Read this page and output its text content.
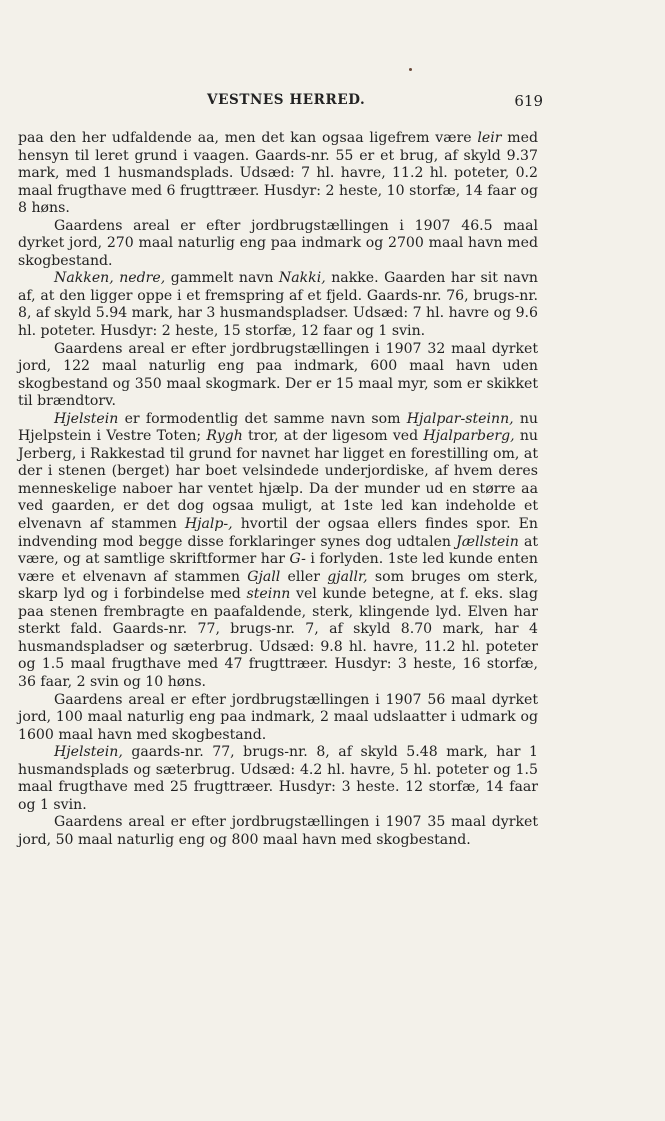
VESTNES HERRED.	619

paa den her udfaldende aa, men det kan ogsaa ligefrem være leir med hensyn til leret grund i vaagen. Gaards-nr. 55 er et brug, af skyld 9.37 mark, med 1 husmandsplads. Udsæd: 7 hl. havre, 11.2 hl. poteter, 0.2 maal frugthave med 6 frugttræer. Husdyr: 2 heste, 10 storfæ, 14 faar og 8 høns.

Gaardens areal er efter jordbrugstællingen i 1907 46.5 maal dyrket jord, 270 maal naturlig eng paa indmark og 2700 maal havn med skogbestand.

Nakken, nedre, gammelt navn Nakki, nakke. Gaarden har sit navn af, at den ligger oppe i et fremspring af et fjeld. Gaards-nr. 76, brugs-nr. 8, af skyld 5.94 mark, har 3 husmandspladser. Udsæd: 7 hl. havre og 9.6 hl. poteter. Husdyr: 2 heste, 15 storfæ, 12 faar og 1 svin.

Gaardens areal er efter jordbrugstællingen i 1907 32 maal dyrket jord, 122 maal naturlig eng paa indmark, 600 maal havn uden skogbestand og 350 maal skogmark. Der er 15 maal myr, som er skikket til brændtorv.

Hjelstein er formodentlig det samme navn som Hjalpar-steinn, nu Hjelpstein i Vestre Toten; Rygh tror, at der ligesom ved Hjalparberg, nu Jerberg, i Rakkestad til grund for navnet har ligget en forestilling om, at der i stenen (berget) har boet velsindede underjordiske, af hvem deres menneskelige naboer har ventet hjælp. Da der munder ud en større aa ved gaarden, er det dog ogsaa muligt, at 1ste led kan indeholde et elvenavn af stammen Hjalp-, hvortil der ogsaa ellers findes spor. En indvending mod begge disse forklaringer synes dog udtalen Jællstein at være, og at samtlige skriftformer har G- i forlyden. 1ste led kunde enten være et elvenavn af stammen Gjall eller gjallr, som bruges om sterk, skarp lyd og i forbindelse med steinn vel kunde betegne, at f. eks. slag paa stenen frembragte en paafaldende, sterk, klingende lyd. Elven har sterkt fald. Gaards-nr. 77, brugs-nr. 7, af skyld 8.70 mark, har 4 husmandspladser og sæterbrug. Udsæd: 9.8 hl. havre, 11.2 hl. poteter og 1.5 maal frugthave med 47 frugttræer. Husdyr: 3 heste, 16 storfæ, 36 faar, 2 svin og 10 høns.

Gaardens areal er efter jordbrugstællingen i 1907 56 maal dyrket jord, 100 maal naturlig eng paa indmark, 2 maal udslaatter i udmark og 1600 maal havn med skogbestand.

Hjelstein, gaards-nr. 77, brugs-nr. 8, af skyld 5.48 mark, har 1 husmandsplads og sæterbrug. Udsæd: 4.2 hl. havre, 5 hl. poteter og 1.5 maal frugthave med 25 frugttræer. Husdyr: 3 heste. 12 storfæ, 14 faar og 1 svin.

Gaardens areal er efter jordbrugstællingen i 1907 35 maal dyrket jord, 50 maal naturlig eng og 800 maal havn med skogbestand.
